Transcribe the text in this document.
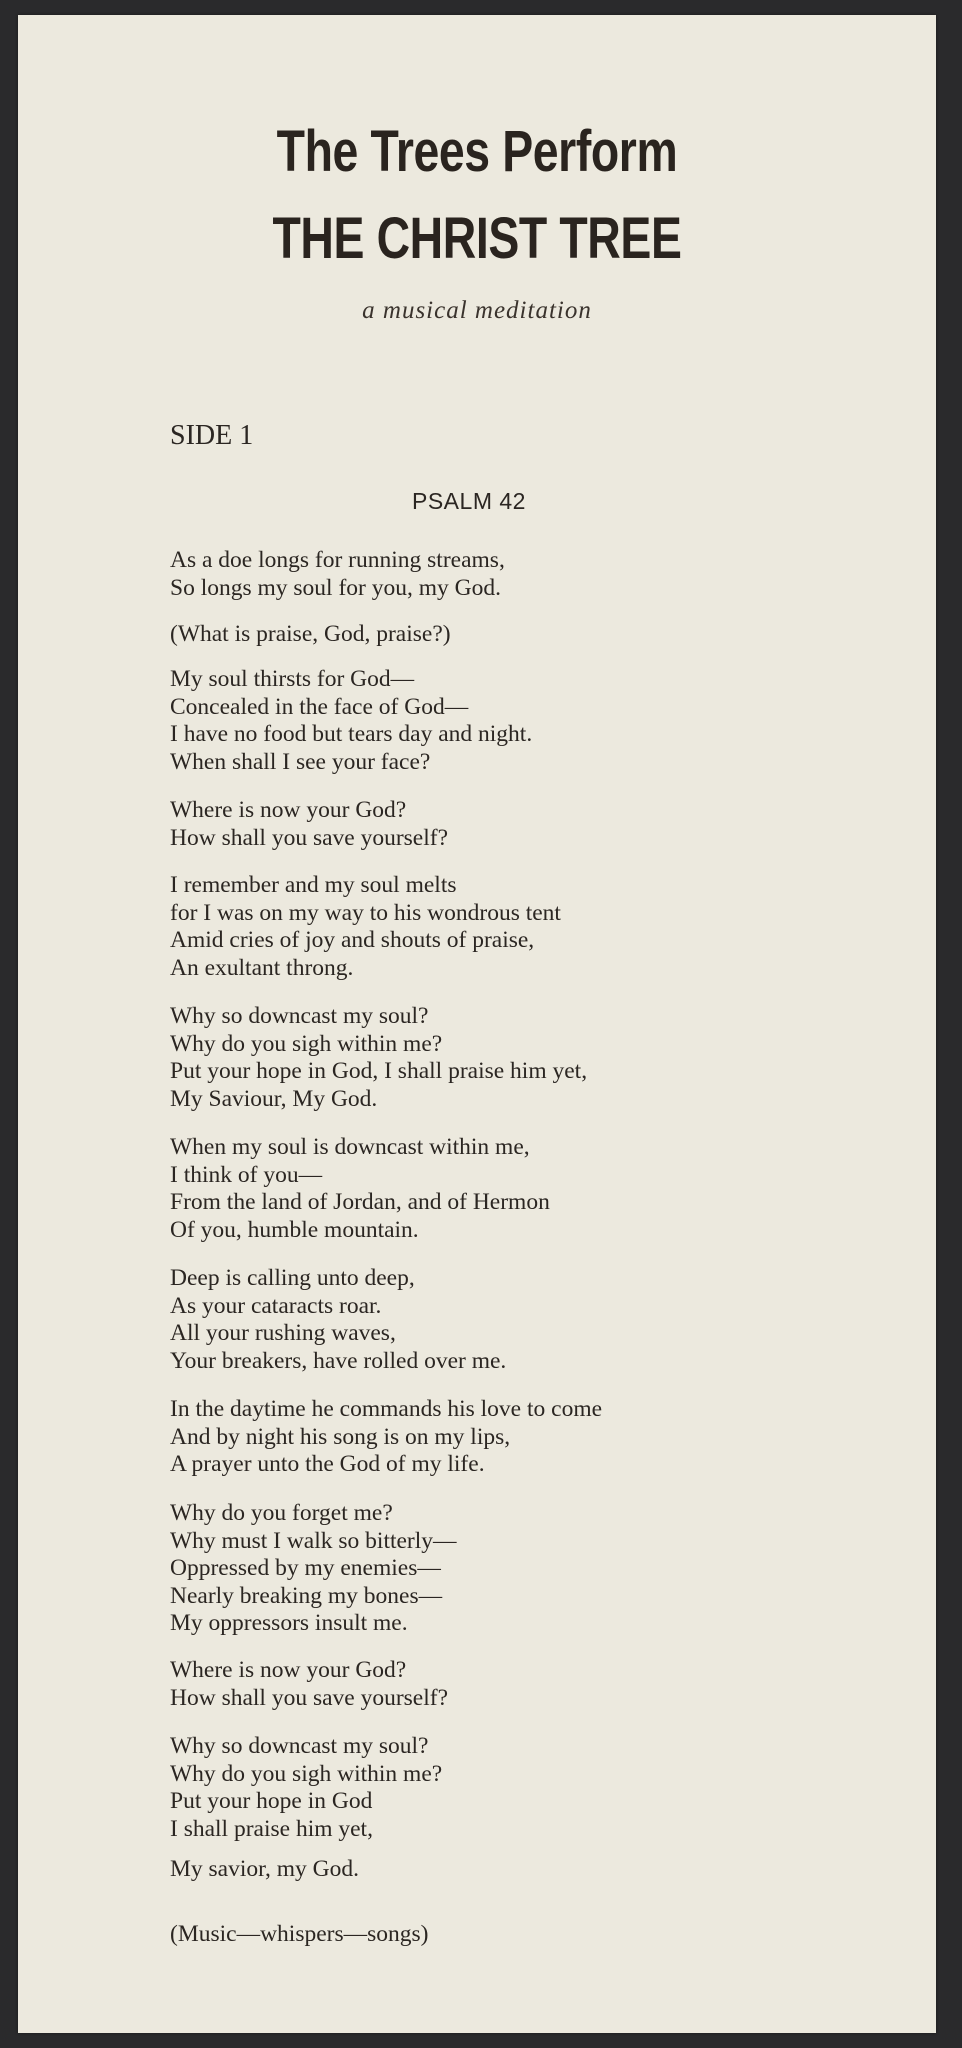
The Trees Perform
THE CHRIST TREE
a musical meditation
SIDE 1
PSALM 42
As a doe longs for running streams,
So longs my soul for you, my God.
(What is praise, God, praise?)
My soul thirsts for God—
Concealed in the face of God—
I have no food but tears day and night.
When shall I see your face?
Where is now your God?
How shall you save yourself?
I remember and my soul melts
for I was on my way to his wondrous tent
Amid cries of joy and shouts of praise,
An exultant throng.
Why so downcast my soul?
Why do you sigh within me?
Put your hope in God, I shall praise him yet,
My Saviour, My God.
When my soul is downcast within me,
I think of you—
From the land of Jordan, and of Hermon
Of you, humble mountain.
Deep is calling unto deep,
As your cataracts roar.
All your rushing waves,
Your breakers, have rolled over me.
In the daytime he commands his love to come
And by night his song is on my lips,
A prayer unto the God of my life.
Why do you forget me?
Why must I walk so bitterly—
Oppressed by my enemies—
Nearly breaking my bones—
My oppressors insult me.
Where is now your God?
How shall you save yourself?
Why so downcast my soul?
Why do you sigh within me?
Put your hope in God
I shall praise him yet,
My savior, my God.
(Music—whispers—songs)
